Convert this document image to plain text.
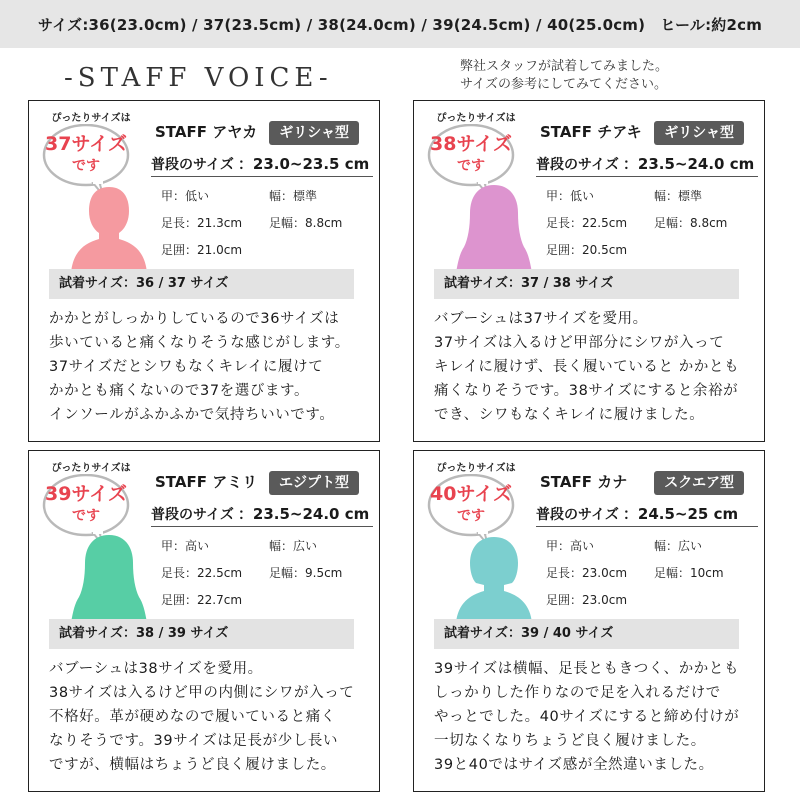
サイズ:36(23.0cm) / 37(23.5cm) / 38(24.0cm) / 39(24.5cm) / 40(25.0cm)　ヒール:約2cm
-STAFF VOICE-	弊社スタッフが試着してみました。
サイズの参考にしてみてください。
ぴったりサイズは
37サイズ
です
STAFF アヤカ	ギリシャ型
普段のサイズ ：23.0~23.5 cm
甲：低い	幅：標準
足長：21.3cm 足幅：8.8cm
足囲：21.0cm
試着サイズ：36 / 37 サイズ
かかとがしっかりしているので36サイズは
歩いていると痛くなりそうな感じがします。
37サイズだとシワもなくキレイに履けて
かかとも痛くないので37を選びます。
インソールがふかふかで気持ちいいです。
ぴったりサイズは
38サイズ
です
STAFF チアキ	ギリシャ型
普段のサイズ ：23.5~24.0 cm
甲：低い	幅：標準
足長：22.5cm 足幅：8.8cm
足囲：20.5cm
試着サイズ：37 / 38 サイズ
バブーシュは37サイズを愛用。
37サイズは入るけど甲部分にシワが入って
キレイに履けず、長く履いていると かかとも
痛くなりそうです。38サイズにすると余裕が
でき、シワもなくキレイに履けました。
ぴったりサイズは
39サイズ
です
STAFF アミリ	エジプト型
普段のサイズ ：23.5~24.0 cm
甲：高い	幅：広い
足長：22.5cm 足幅：9.5cm
足囲：22.7cm
試着サイズ：38 / 39 サイズ
バブーシュは38サイズを愛用。
38サイズは入るけど甲の内側にシワが入って
不格好。革が硬めなので履いていると痛く
なりそうです。39サイズは足長が少し長い
ですが、横幅はちょうど良く履けました。
ぴったりサイズは
40サイズ
です
STAFF カナ	スクエア型
普段のサイズ ：24.5~25 cm
甲：高い	幅：広い
足長：23.0cm 足幅：10cm
足囲：23.0cm
試着サイズ：39 / 40 サイズ
39サイズは横幅、足長ともきつく、かかとも
しっかりした作りなので足を入れるだけで
やっとでした。40サイズにすると締め付けが
一切なくなりちょうど良く履けました。
39と40ではサイズ感が全然違いました。
